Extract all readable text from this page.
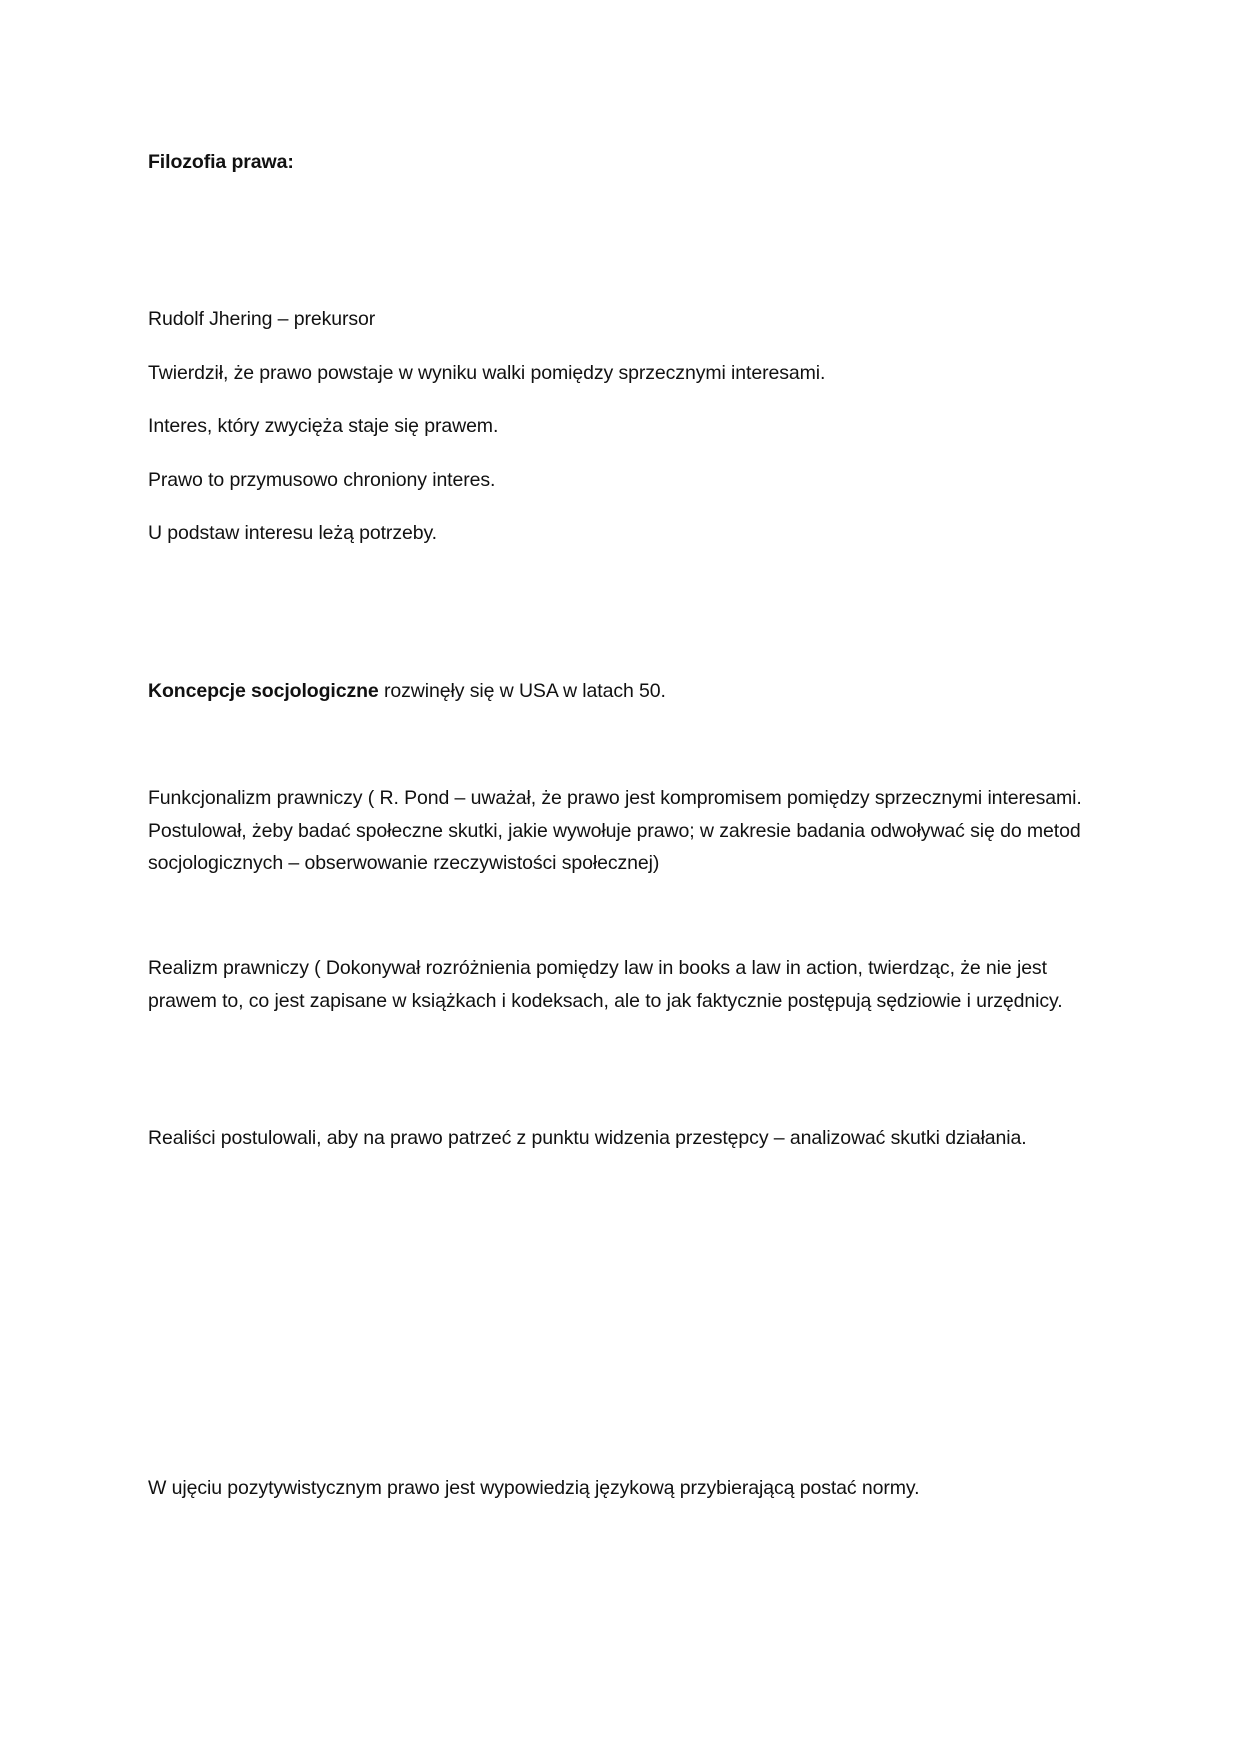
Filozofia prawa:
Rudolf Jhering – prekursor
Twierdził, że prawo powstaje w wyniku walki pomiędzy sprzecznymi interesami.
Interes, który zwycięża staje się prawem.
Prawo to przymusowo chroniony interes.
U podstaw interesu leżą potrzeby.
Koncepcje socjologiczne rozwinęły się w USA w latach 50.
Funkcjonalizm prawniczy ( R. Pond – uważał, że prawo jest kompromisem pomiędzy sprzecznymi interesami. Postulował, żeby badać społeczne skutki, jakie wywołuje prawo; w zakresie badania odwoływać się do metod socjologicznych – obserwowanie rzeczywistości społecznej)
Realizm prawniczy ( Dokonywał rozróżnienia pomiędzy law in books a law in action, twierdząc, że nie jest prawem to, co jest zapisane w książkach i kodeksach, ale to jak faktycznie postępują sędziowie i urzędnicy.
Realiści postulowali, aby na prawo patrzeć z punktu widzenia przestępcy – analizować skutki działania.
W ujęciu pozytywistycznym prawo jest wypowiedzią językową przybierającą postać normy.
